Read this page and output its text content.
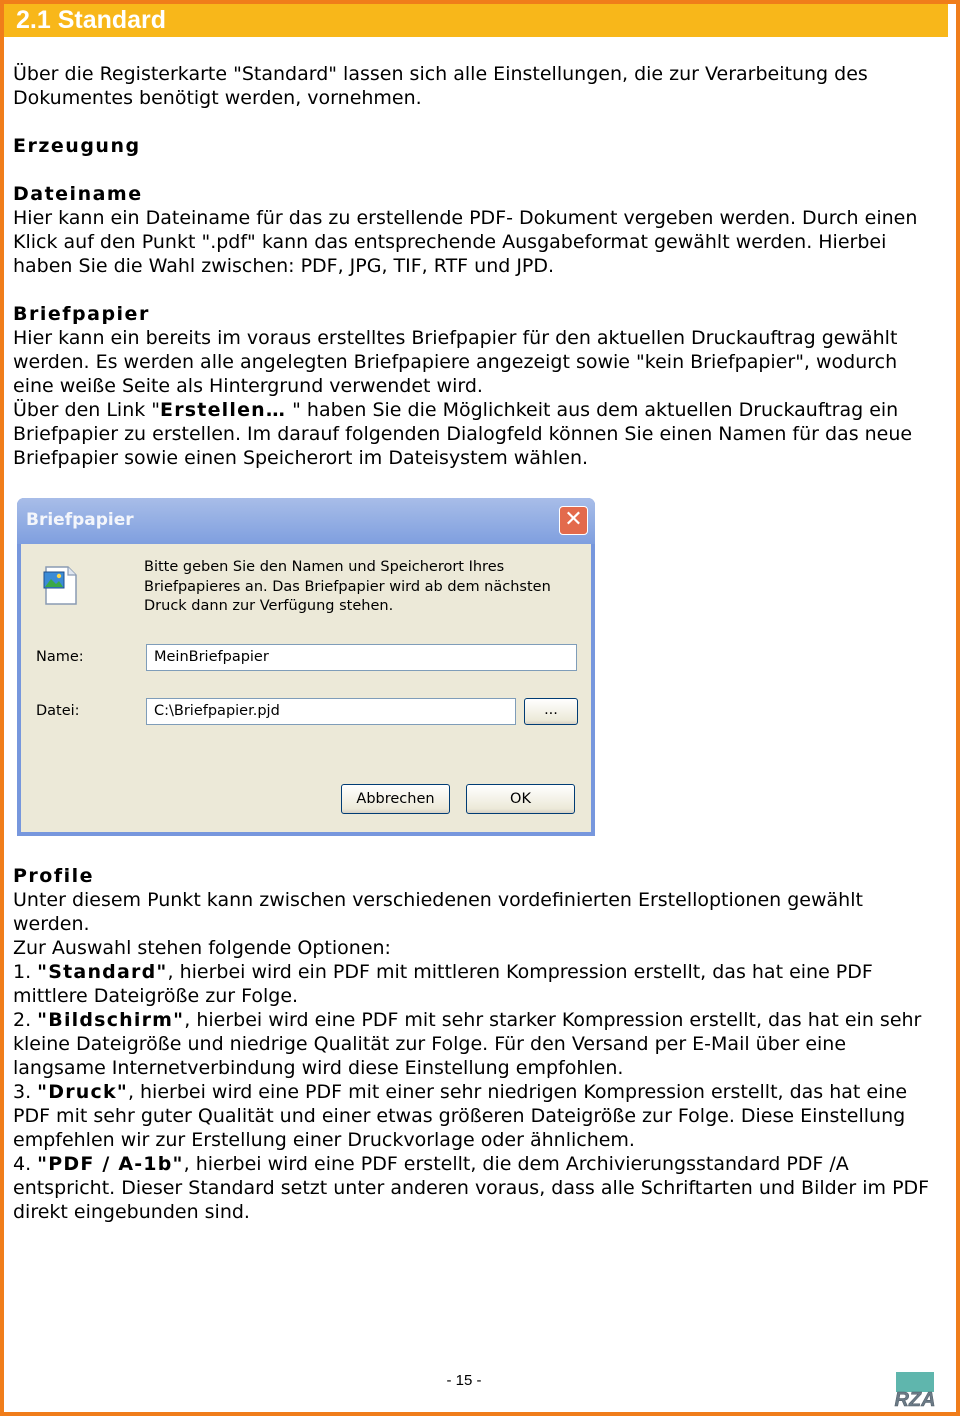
2.1 Standard

Über die Registerkarte "Standard" lassen sich alle Einstellungen, die zur Verarbeitung des Dokumentes benötigt werden, vornehmen.

Erzeugung

Dateiname

Hier kann ein Dateiname für das zu erstellende PDF- Dokument vergeben werden. Durch einen Klick auf den Punkt ".pdf" kann das entsprechende Ausgabeformat gewählt werden. Hierbei haben Sie die Wahl zwischen: PDF, JPG, TIF, RTF und JPD.

Briefpapier

Hier kann ein bereits im voraus erstelltes Briefpapier für den aktuellen Druckauftrag gewählt werden. Es werden alle angelegten Briefpapiere angezeigt sowie "kein Briefpapier", wodurch eine weiße Seite als Hintergrund verwendet wird.

Über den Link "Erstellen… " haben Sie die Möglichkeit aus dem aktuellen Druckauftrag ein Briefpapier zu erstellen. Im darauf folgenden Dialogfeld können Sie einen Namen für das neue Briefpapier sowie einen Speicherort im Dateisystem wählen.

Briefpapier	✕
Bitte geben Sie den Namen und Speicherort Ihres
Briefpapieres an. Das Briefpapier wird ab dem nächsten
Druck dann zur Verfügung stehen.
Name:	MeinBriefpapier
Datei:	C:\Briefpapier.pjd	...
Abbrechen	OK

Profile

Unter diesem Punkt kann zwischen verschiedenen vordefinierten Erstelloptionen gewählt werden.

Zur Auswahl stehen folgende Optionen:

1. "Standard", hierbei wird ein PDF mit mittleren Kompression erstellt, das hat eine PDF mittlere Dateigröße zur Folge.

2. "Bildschirm", hierbei wird eine PDF mit sehr starker Kompression erstellt, das hat ein sehr kleine Dateigröße und niedrige Qualität zur Folge. Für den Versand per E-Mail über eine langsame Internetverbindung wird diese Einstellung empfohlen.

3. "Druck", hierbei wird eine PDF mit einer sehr niedrigen Kompression erstellt, das hat eine PDF mit sehr guter Qualität und einer etwas größeren Dateigröße zur Folge. Diese Einstellung empfehlen wir zur Erstellung einer Druckvorlage oder ähnlichem.

4. "PDF / A-1b", hierbei wird eine PDF erstellt, die dem Archivierungsstandard PDF /A entspricht. Dieser Standard setzt unter anderen voraus, dass alle Schriftarten und Bilder im PDF direkt eingebunden sind.

- 15 -
RZA
